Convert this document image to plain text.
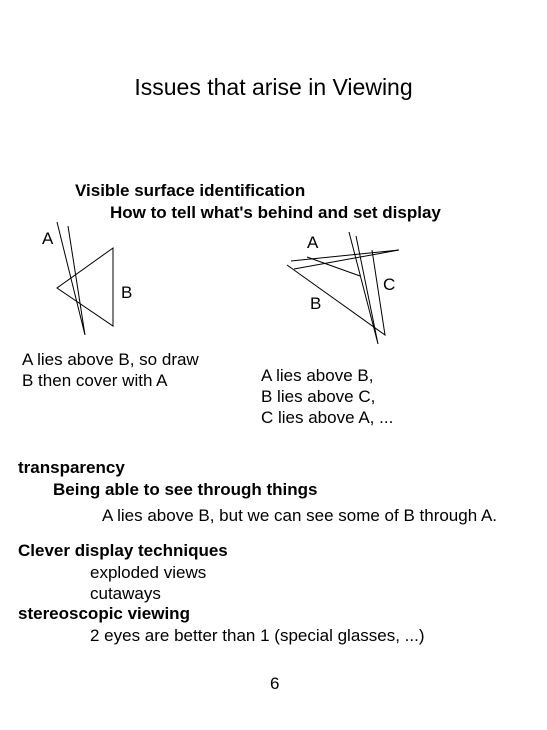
Issues that arise in Viewing
Visible surface identification
How to tell what's behind and set display
A
B
A
C
B
A lies above B, so draw
B then cover with A	A lies above B,
B lies above C,
C lies above A, ...
transparency
Being able to see through things
A lies above B, but we can see some of B through A.
Clever display techniques
exploded views
cutaways
stereoscopic viewing
2 eyes are better than 1 (special glasses, ...)
6
